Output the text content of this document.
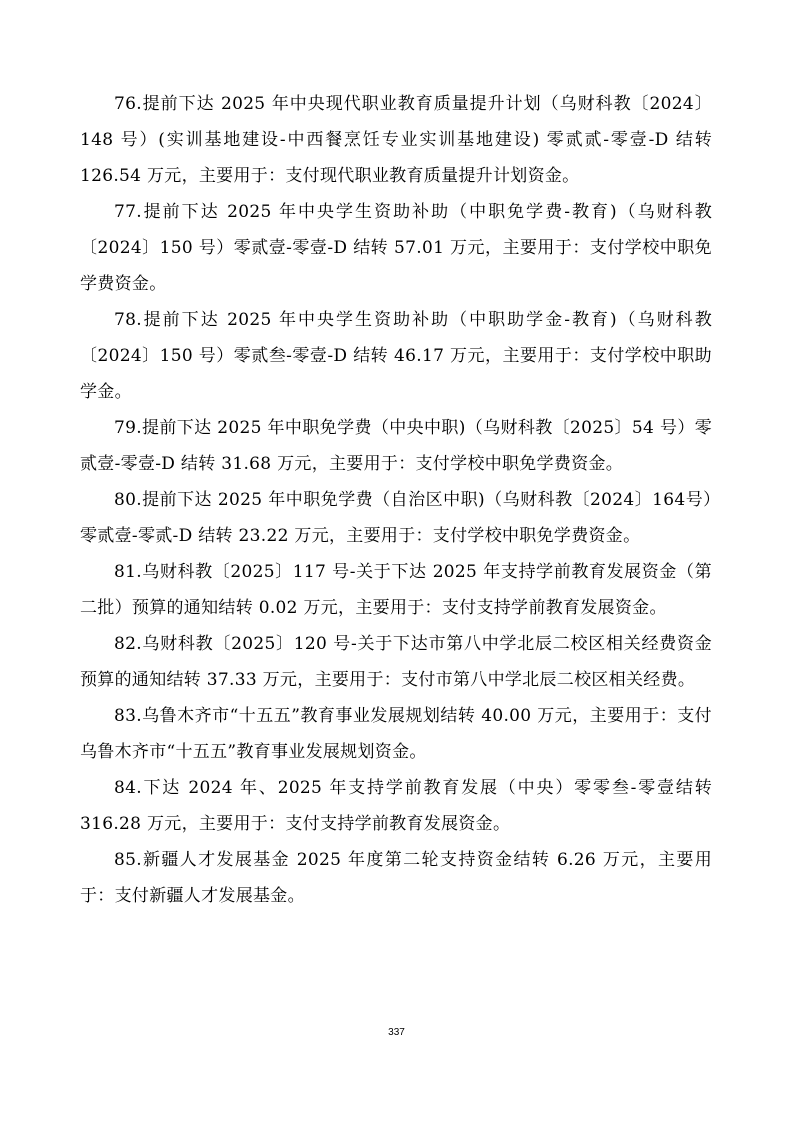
76.提前下达 2025 年中央现代职业教育质量提升计划（乌财科教〔2024〕148 号）(实训基地建设-中西餐烹饪专业实训基地建设) 零贰贰-零壹-D 结转126.54 万元，主要用于：支付现代职业教育质量提升计划资金。

77.提前下达 2025 年中央学生资助补助（中职免学费-教育)（乌财科教〔2024〕150 号）零贰壹-零壹-D 结转 57.01 万元，主要用于：支付学校中职免学费资金。

78.提前下达 2025 年中央学生资助补助（中职助学金-教育)（乌财科教〔2024〕150 号）零贰叁-零壹-D 结转 46.17 万元，主要用于：支付学校中职助学金。

79.提前下达 2025 年中职免学费（中央中职)（乌财科教〔2025〕54 号）零贰壹-零壹-D 结转 31.68 万元，主要用于：支付学校中职免学费资金。

80.提前下达 2025 年中职免学费（自治区中职)（乌财科教〔2024〕164号）零贰壹-零贰-D 结转 23.22 万元，主要用于：支付学校中职免学费资金。

81.乌财科教〔2025〕117 号-关于下达 2025 年支持学前教育发展资金（第二批）预算的通知结转 0.02 万元，主要用于：支付支持学前教育发展资金。

82.乌财科教〔2025〕120 号-关于下达市第八中学北辰二校区相关经费资金预算的通知结转 37.33 万元，主要用于：支付市第八中学北辰二校区相关经费。

83.乌鲁木齐市“十五五”教育事业发展规划结转 40.00 万元，主要用于：支付乌鲁木齐市“十五五”教育事业发展规划资金。

84.下达 2024 年、2025 年支持学前教育发展（中央）零零叁-零壹结转316.28 万元，主要用于：支付支持学前教育发展资金。

85.新疆人才发展基金 2025 年度第二轮支持资金结转 6.26 万元，主要用于：支付新疆人才发展基金。

337
